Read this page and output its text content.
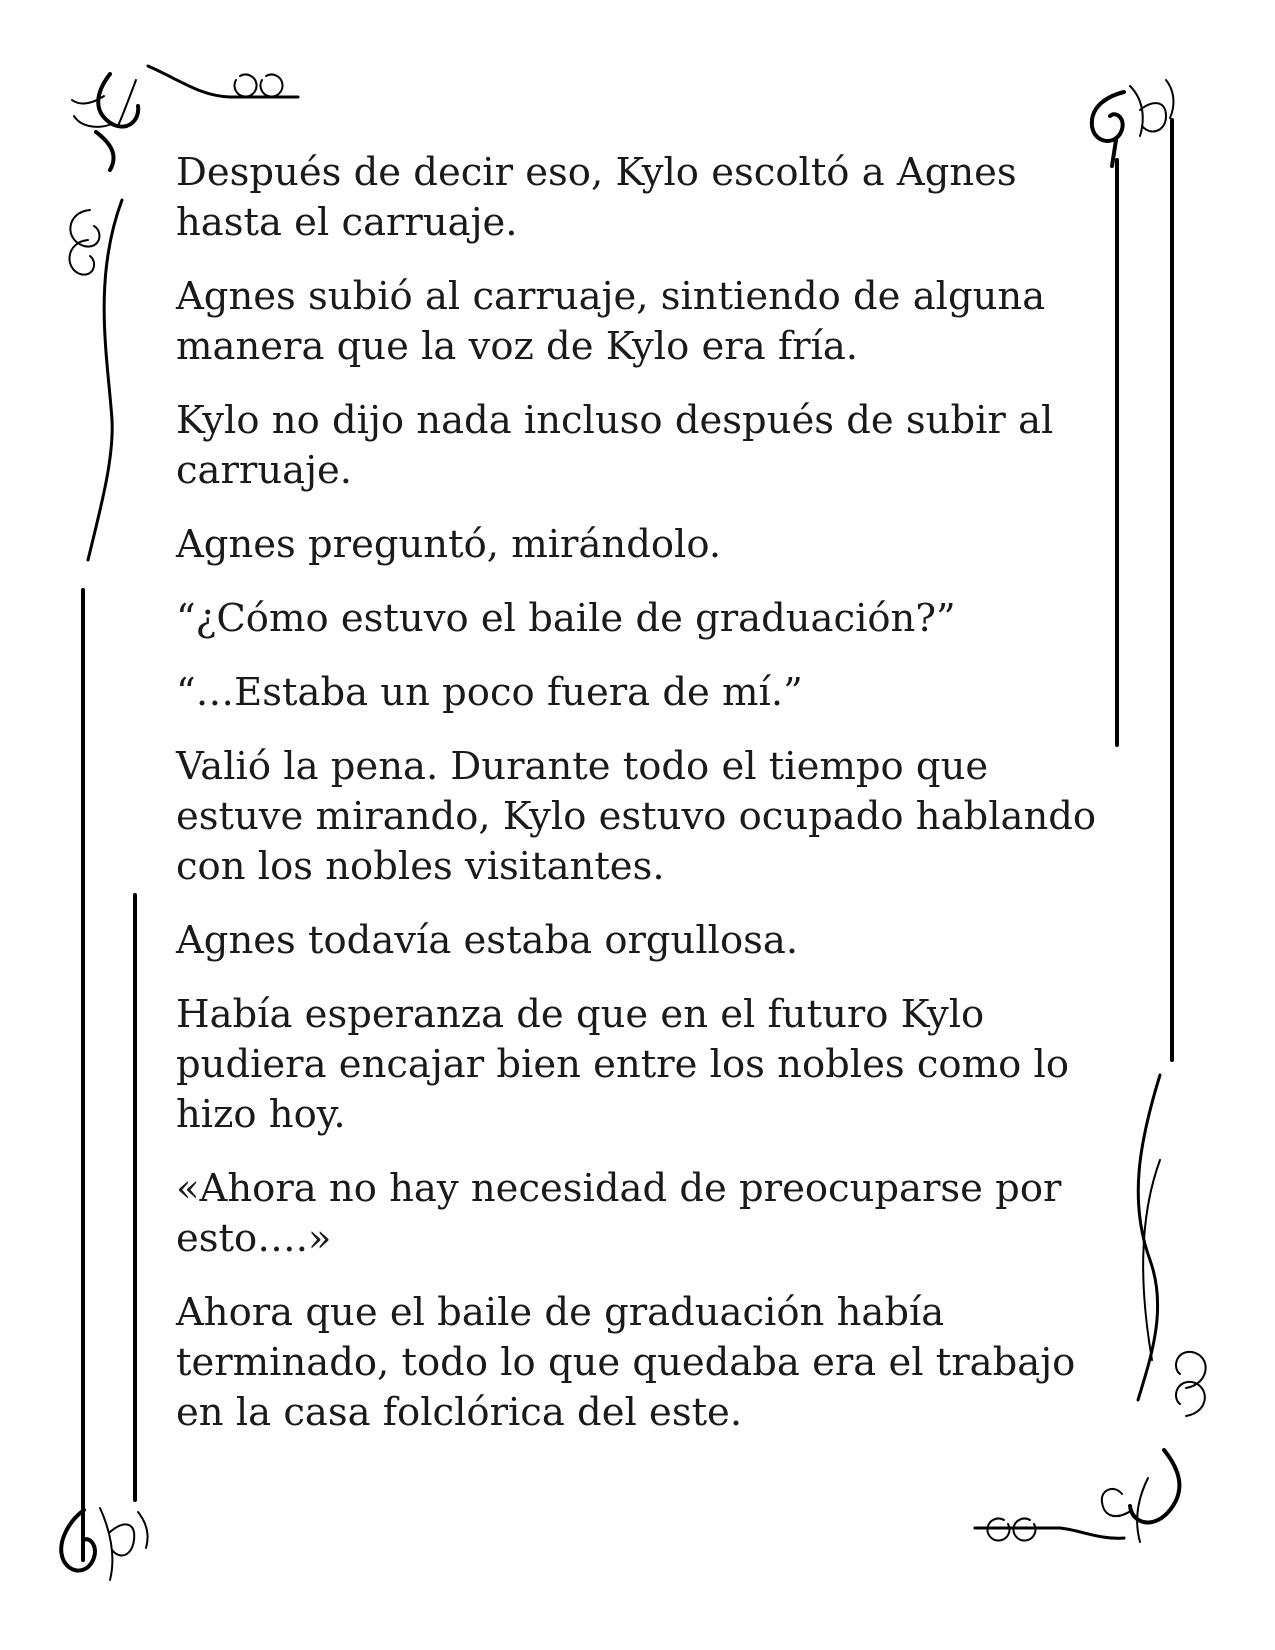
Después de decir eso, Kylo escoltó a Agnes
hasta el carruaje.

Agnes subió al carruaje, sintiendo de alguna
manera que la voz de Kylo era fría.

Kylo no dijo nada incluso después de subir al
carruaje.

Agnes preguntó, mirándolo.

“¿Cómo estuvo el baile de graduación?”

“…Estaba un poco fuera de mí.”

Valió la pena. Durante todo el tiempo que
estuve mirando, Kylo estuvo ocupado hablando
con los nobles visitantes.

Agnes todavía estaba orgullosa.

Había esperanza de que en el futuro Kylo
pudiera encajar bien entre los nobles como lo
hizo hoy.

«Ahora no hay necesidad de preocuparse por
esto….»

Ahora que el baile de graduación había
terminado, todo lo que quedaba era el trabajo
en la casa folclórica del este.
